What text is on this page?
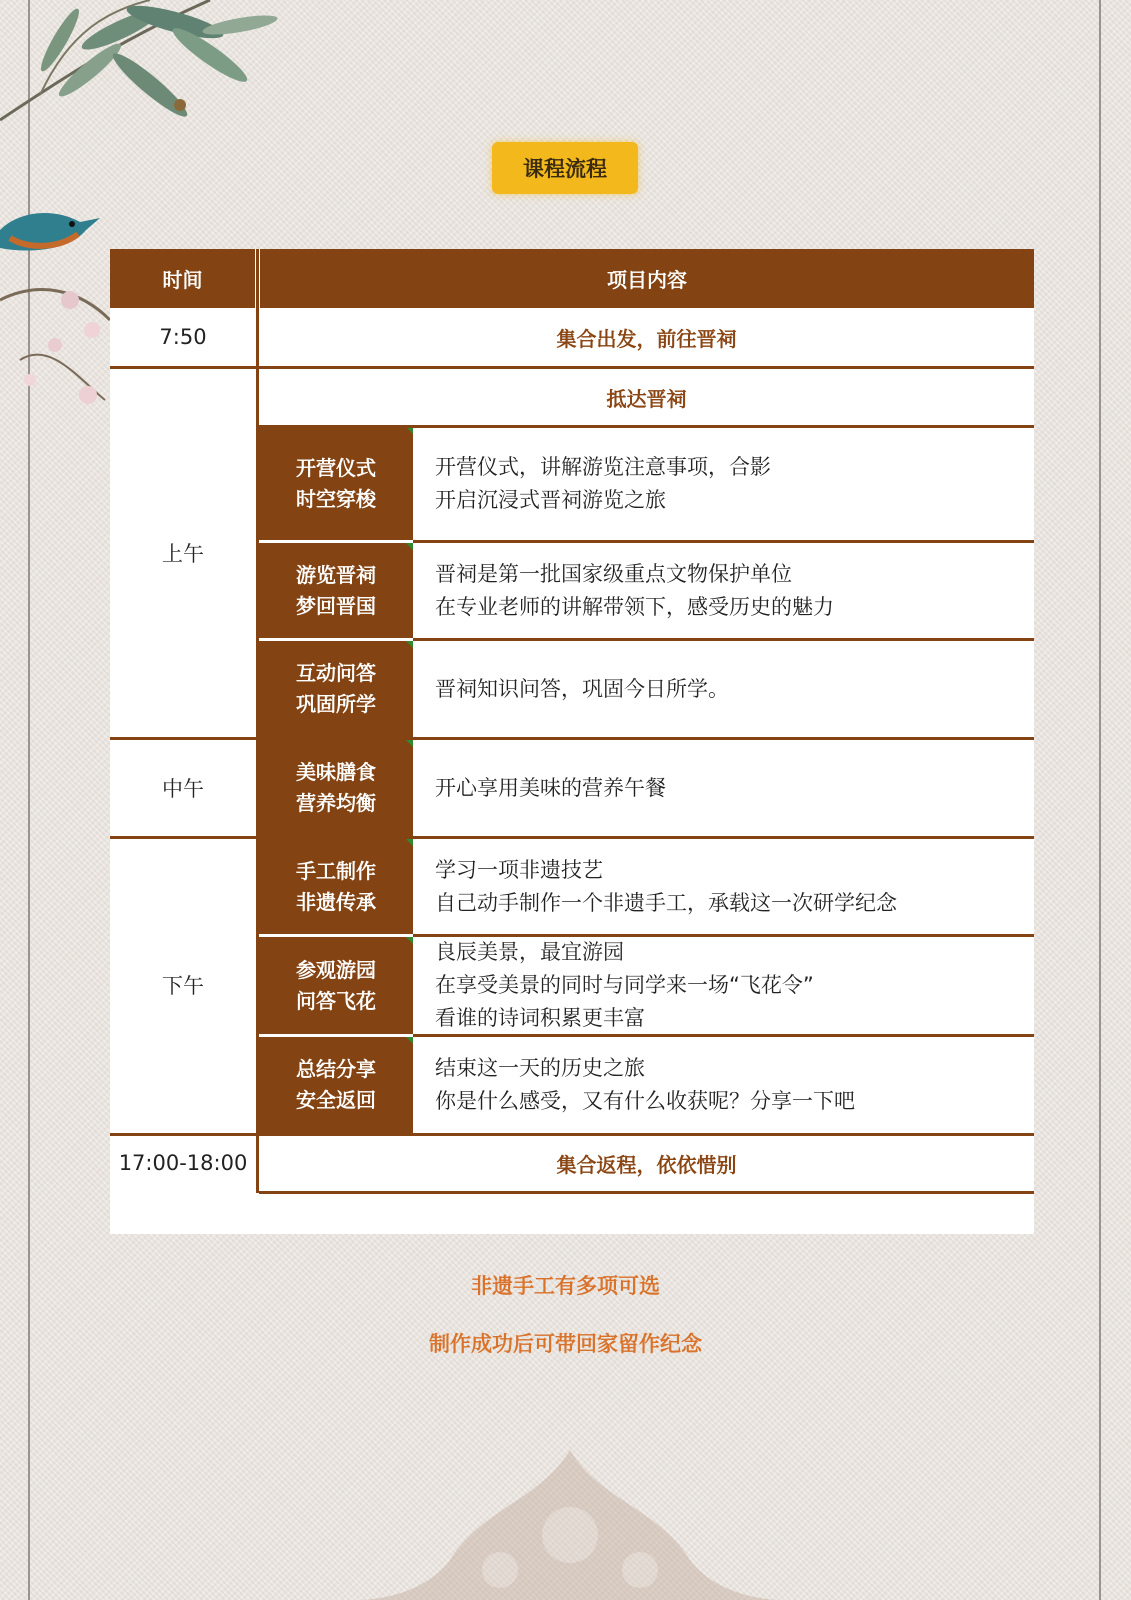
课程流程
时间	项目内容
7:50
上午
中午
下午
17:00-18:00
集合出发，前往晋祠
抵达晋祠
集合返程，依依惜别
开营仪式
时空穿梭
游览晋祠
梦回晋国
互动问答
巩固所学
美味膳食
营养均衡
手工制作
非遗传承
参观游园
问答飞花
总结分享
安全返回
开营仪式，讲解游览注意事项，合影
开启沉浸式晋祠游览之旅
晋祠是第一批国家级重点文物保护单位
在专业老师的讲解带领下，感受历史的魅力
晋祠知识问答，巩固今日所学。
开心享用美味的营养午餐
学习一项非遗技艺
自己动手制作一个非遗手工，承载这一次研学纪念
良辰美景，最宜游园
在享受美景的同时与同学来一场“飞花令”
看谁的诗词积累更丰富
结束这一天的历史之旅
你是什么感受，又有什么收获呢？分享一下吧
非遗手工有多项可选
制作成功后可带回家留作纪念
